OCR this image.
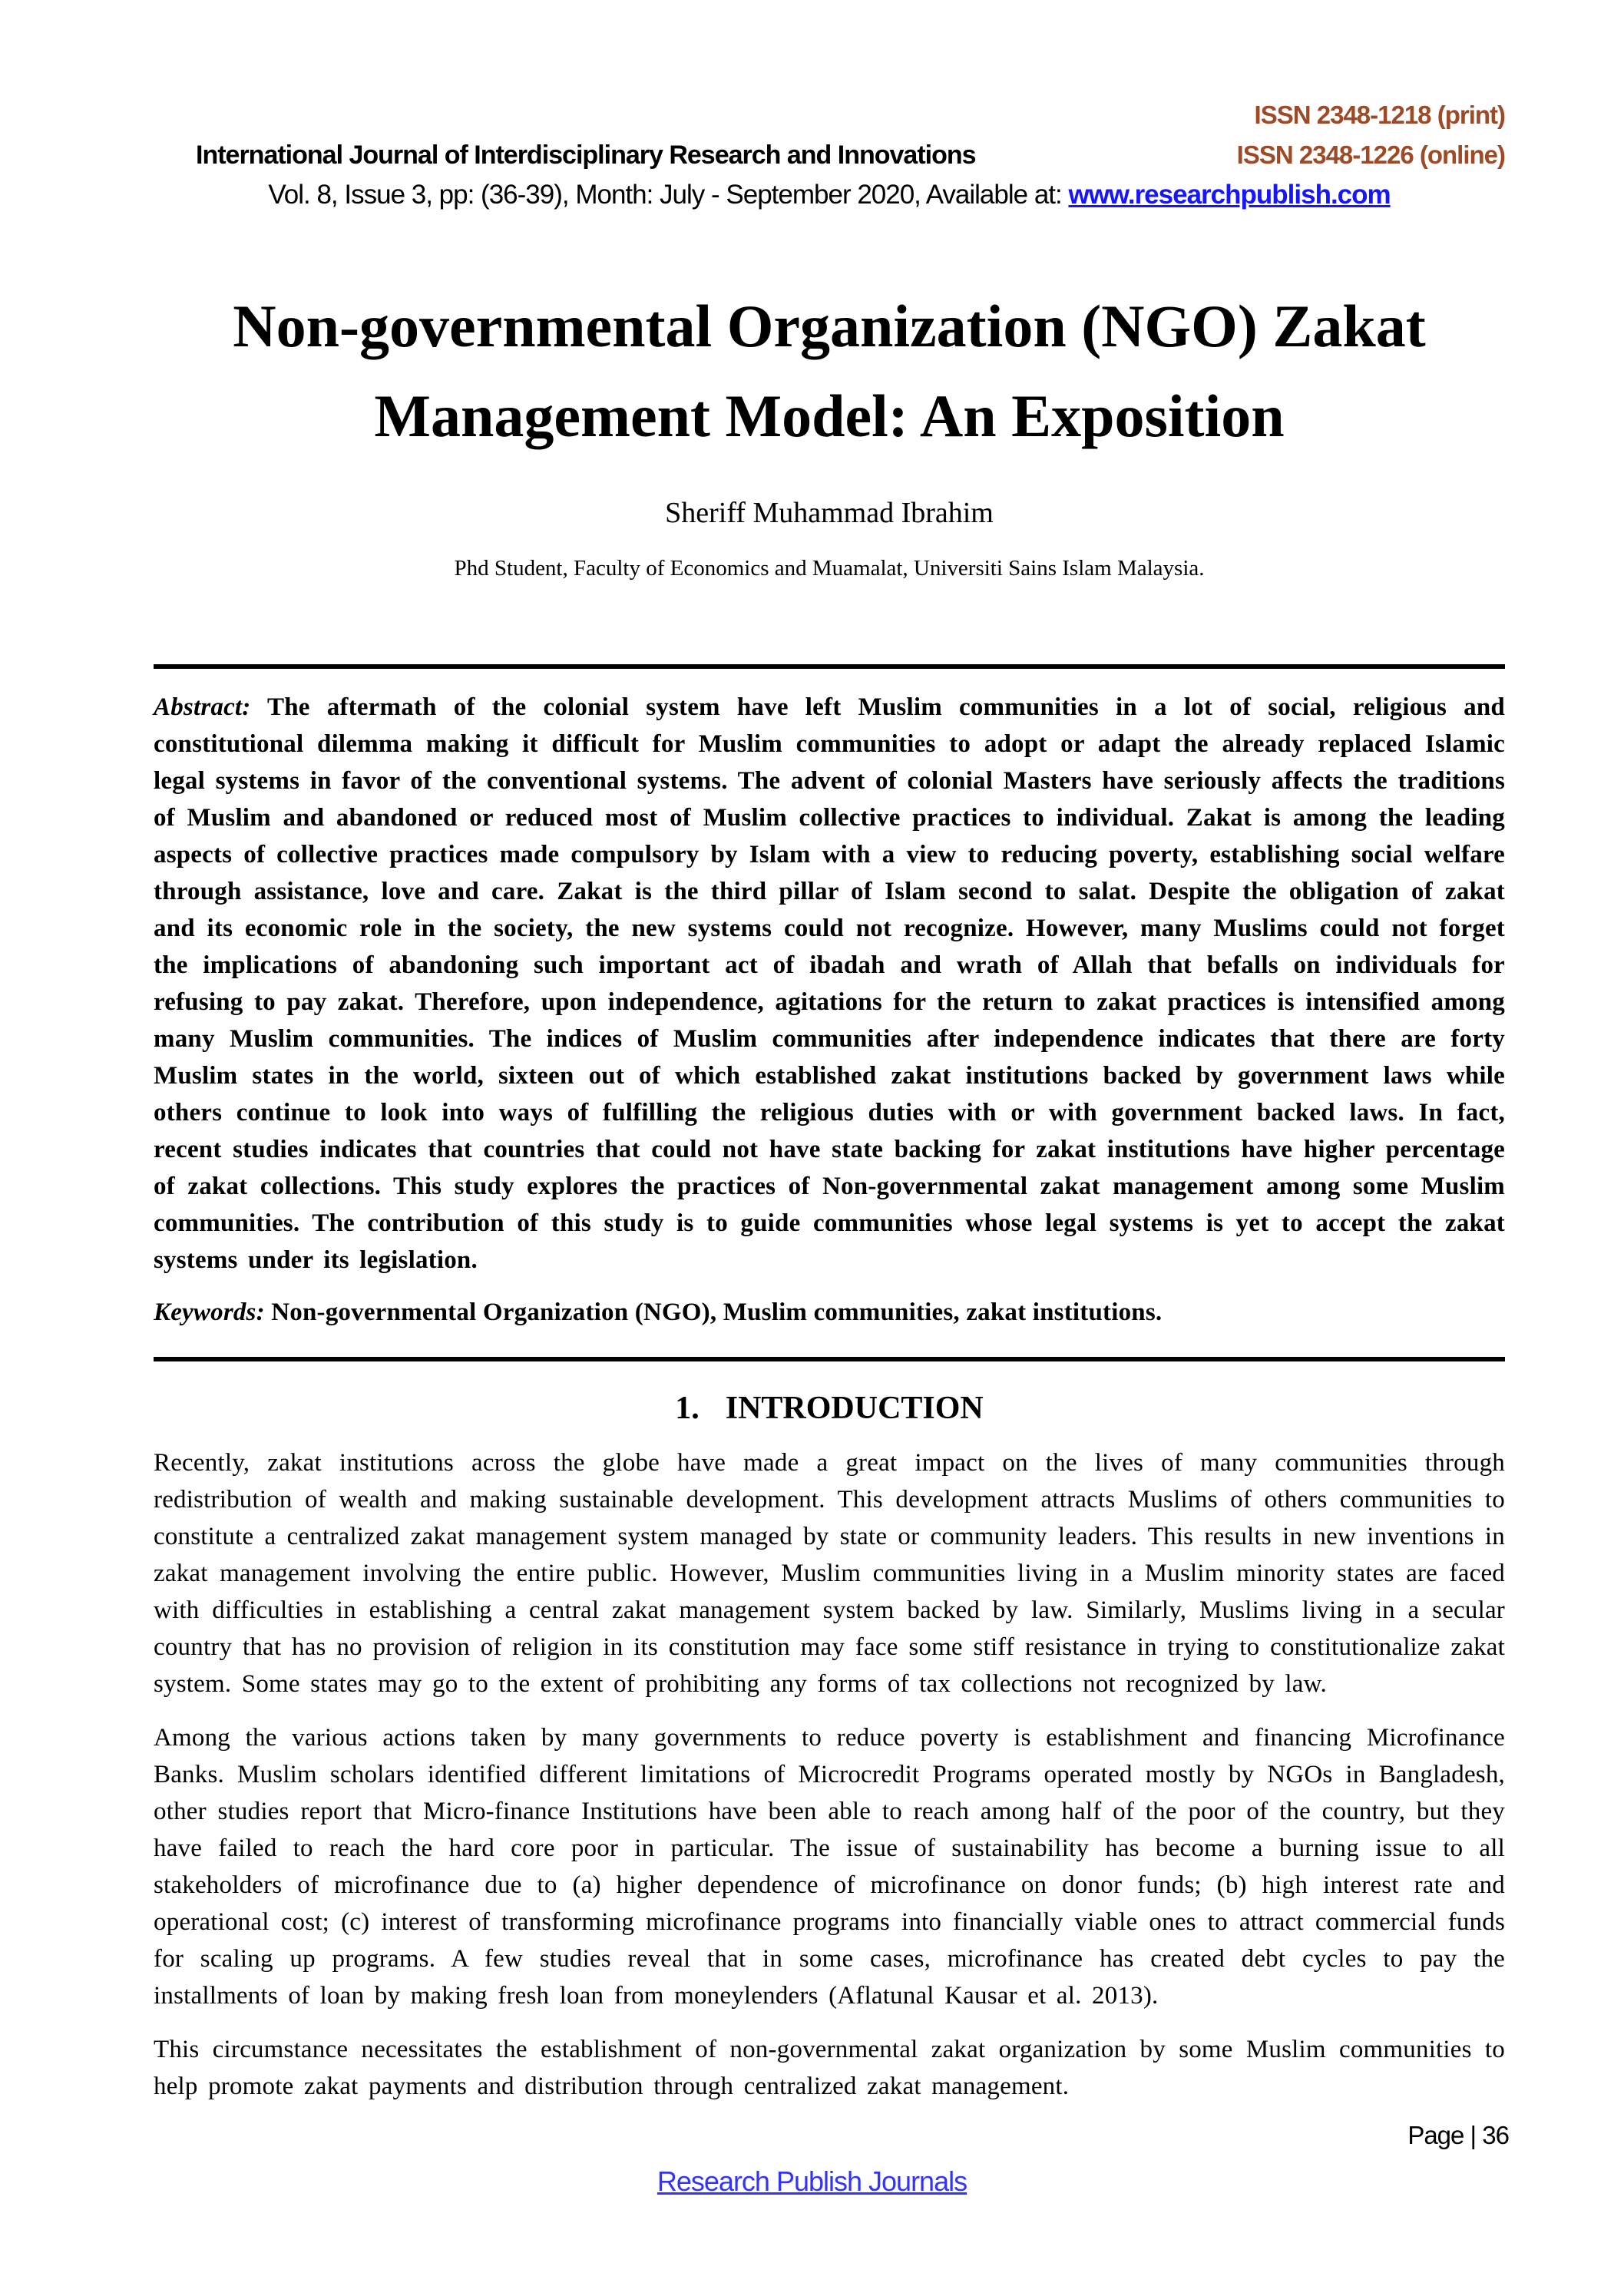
ISSN 2348-1218 (print)
International Journal of Interdisciplinary Research and Innovations	ISSN 2348-1226 (online)
Vol. 8, Issue 3, pp: (36-39), Month: July - September 2020, Available at: www.researchpublish.com
Non-governmental Organization (NGO) Zakat
Management Model: An Exposition
Sheriff Muhammad Ibrahim
Phd Student, Faculty of Economics and Muamalat, Universiti Sains Islam Malaysia.
Abstract: The aftermath of the colonial system have left Muslim communities in a lot of social, religious and constitutional dilemma making it difficult for Muslim communities to adopt or adapt the already replaced Islamic legal systems in favor of the conventional systems. The advent of colonial Masters have seriously affects the traditions of Muslim and abandoned or reduced most of Muslim collective practices to individual. Zakat is among the leading aspects of collective practices made compulsory by Islam with a view to reducing poverty, establishing social welfare through assistance, love and care. Zakat is the third pillar of Islam second to salat. Despite the obligation of zakat and its economic role in the society, the new systems could not recognize. However, many Muslims could not forget the implications of abandoning such important act of ibadah and wrath of Allah that befalls on individuals for refusing to pay zakat. Therefore, upon independence, agitations for the return to zakat practices is intensified among many Muslim communities. The indices of Muslim communities after independence indicates that there are forty Muslim states in the world, sixteen out of which established zakat institutions backed by government laws while others continue to look into ways of fulfilling the religious duties with or with government backed laws. In fact, recent studies indicates that countries that could not have state backing for zakat institutions have higher percentage of zakat collections. This study explores the practices of Non-governmental zakat management among some Muslim communities. The contribution of this study is to guide communities whose legal systems is yet to accept the zakat systems under its legislation.
Keywords: Non-governmental Organization (NGO), Muslim communities, zakat institutions.
1. INTRODUCTION
Recently, zakat institutions across the globe have made a great impact on the lives of many communities through redistribution of wealth and making sustainable development. This development attracts Muslims of others communities to constitute a centralized zakat management system managed by state or community leaders. This results in new inventions in zakat management involving the entire public. However, Muslim communities living in a Muslim minority states are faced with difficulties in establishing a central zakat management system backed by law. Similarly, Muslims living in a secular country that has no provision of religion in its constitution may face some stiff resistance in trying to constitutionalize zakat system. Some states may go to the extent of prohibiting any forms of tax collections not recognized by law.
Among the various actions taken by many governments to reduce poverty is establishment and financing Microfinance Banks. Muslim scholars identified different limitations of Microcredit Programs operated mostly by NGOs in Bangladesh, other studies report that Micro-finance Institutions have been able to reach among half of the poor of the country, but they have failed to reach the hard core poor in particular. The issue of sustainability has become a burning issue to all stakeholders of microfinance due to (a) higher dependence of microfinance on donor funds; (b) high interest rate and operational cost; (c) interest of transforming microfinance programs into financially viable ones to attract commercial funds for scaling up programs. A few studies reveal that in some cases, microfinance has created debt cycles to pay the installments of loan by making fresh loan from moneylenders (Aflatunal Kausar et al. 2013).
This circumstance necessitates the establishment of non-governmental zakat organization by some Muslim communities to help promote zakat payments and distribution through centralized zakat management.
Page | 36
Research Publish Journals
